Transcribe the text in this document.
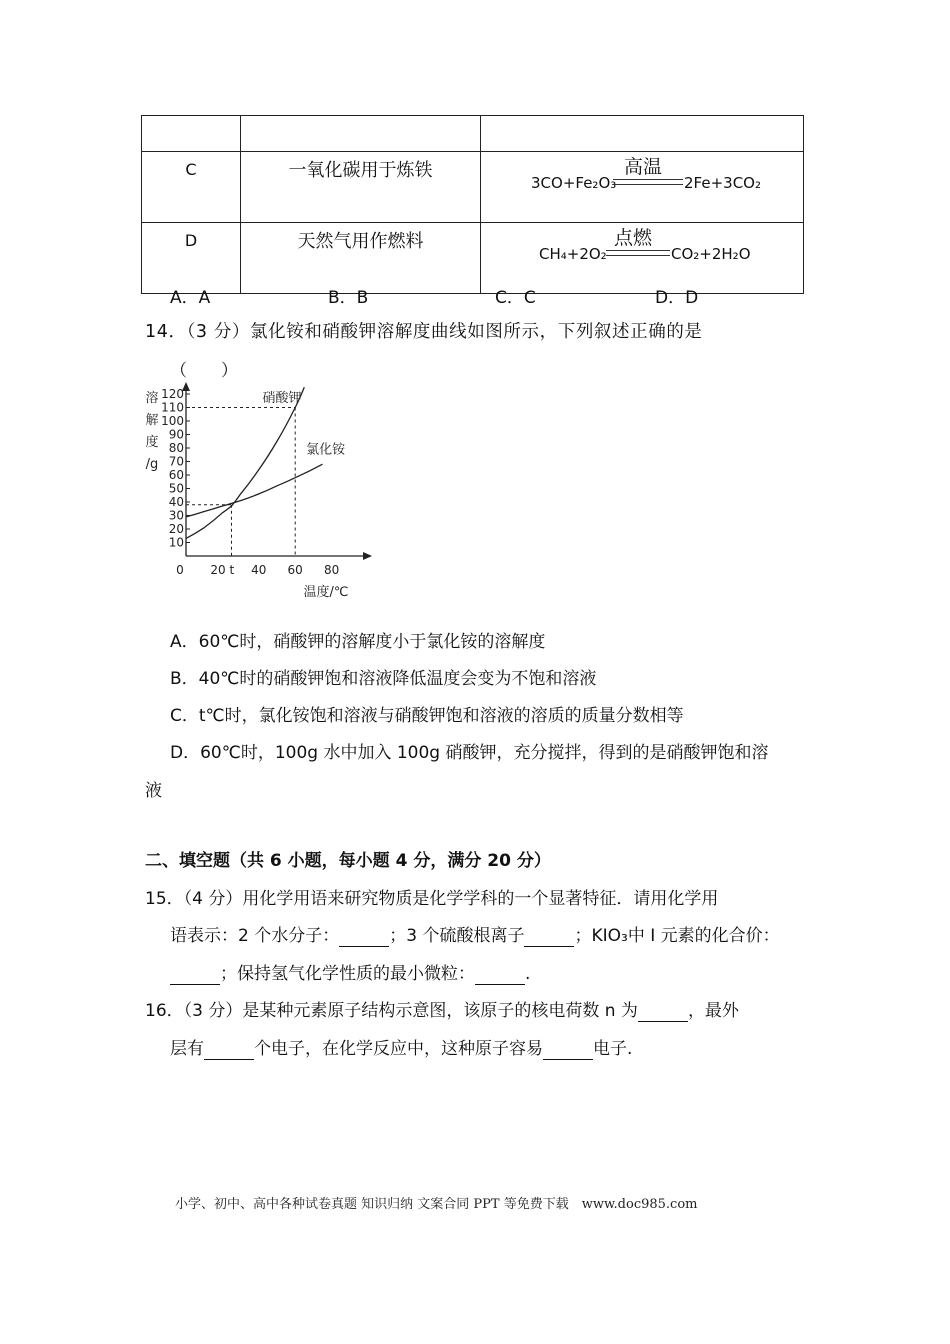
C	一氧化碳用于炼铁	3CO+Fe₂O₃
高温
2Fe+3CO₂

D	天然气用作燃料	CH₄+2O₂
点燃
CO₂+2H₂O
A．A	B．B	C．C	D．D
14．（3 分）氯化铵和硝酸钾溶解度曲线如图所示，下列叙述正确的是
（　　）
10
20
30
40
50
60
70
80
90
100
110
120
0 20 t 40 60 80
溶
解
度
/g
温度/℃
硝酸钾
氯化铵
A．60℃时，硝酸钾的溶解度小于氯化铵的溶解度
B．40℃时的硝酸钾饱和溶液降低温度会变为不饱和溶液
C．t℃时，氯化铵饱和溶液与硝酸钾饱和溶液的溶质的质量分数相等
D．60℃时，100g 水中加入 100g 硝酸钾，充分搅拌，得到的是硝酸钾饱和溶
液
二、填空题（共 6 小题，每小题 4 分，满分 20 分）
15．（4 分）用化学用语来研究物质是化学学科的一个显著特征．请用化学用
语表示：2 个水分子：	；3 个硫酸根离子	；KIO₃中 I 元素的化合价：
；保持氢气化学性质的最小微粒：	.
16．（3 分）是某种元素原子结构示意图，该原子的核电荷数 n 为	，最外
层有	个电子，在化学反应中，这种原子容易	电子.
小学、初中、高中各种试卷真题 知识归纳 文案合同 PPT 等免费下载　www.doc985.com
